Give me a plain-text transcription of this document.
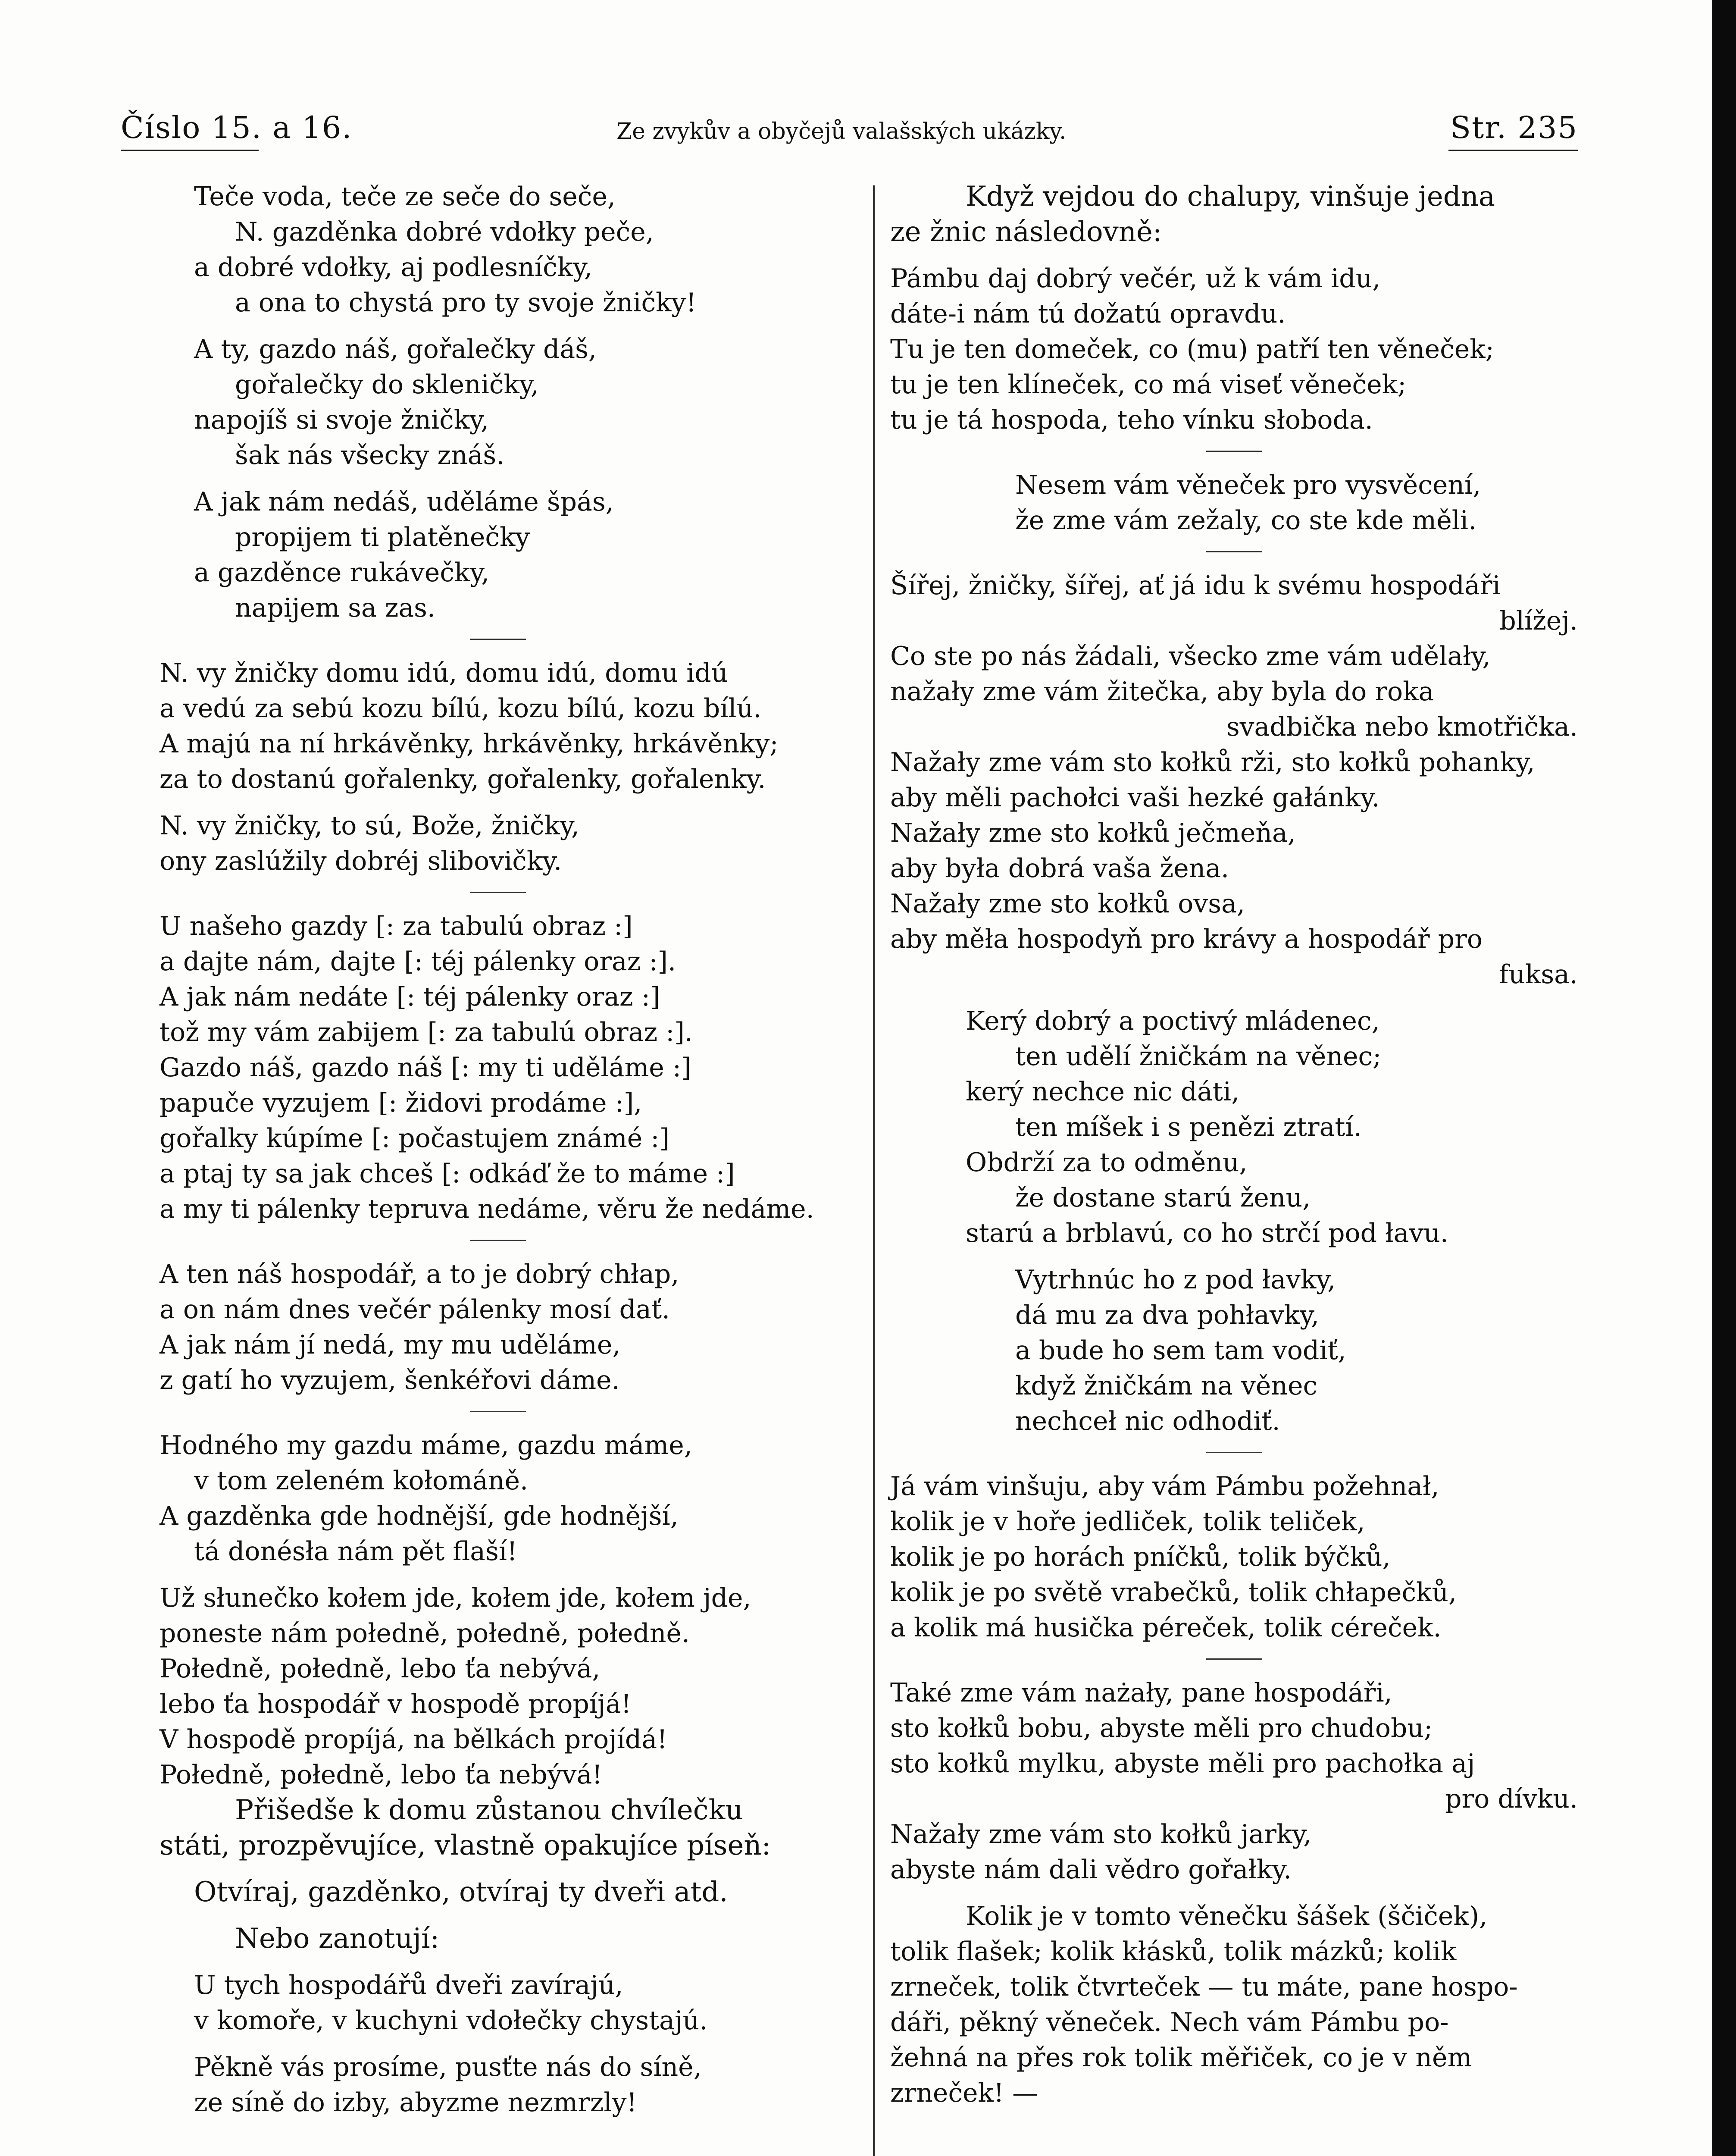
Číslo 15. a 16.	Ze zvykův a obyčejů valašských ukázky.	Str. 235
Teče voda, teče ze seče do seče,
N. gazděnka dobré vdołky peče,
a dobré vdołky, aj podlesníčky,
a ona to chystá pro ty svoje žničky!
A ty, gazdo náš, gořalečky dáš,
gořalečky do skleničky,
napojíš si svoje žničky,
šak nás všecky znáš.
A jak nám nedáš, uděláme špás,
propijem ti platěnečky
a gazděnce rukávečky,
napijem sa zas.
N. vy žničky domu idú, domu idú, domu idú
a vedú za sebú kozu bílú, kozu bílú, kozu bílú.
A majú na ní hrkávěnky, hrkávěnky, hrkávěnky;
za to dostanú gořalenky, gořalenky, gořalenky.
N. vy žničky, to sú, Bože, žničky,
ony zaslúžily dobréj slibovičky.
U našeho gazdy [: za tabulú obraz :]
a dajte nám, dajte [: téj pálenky oraz :].
A jak nám nedáte [: téj pálenky oraz :]
tož my vám zabijem [: za tabulú obraz :].
Gazdo náš, gazdo náš [: my ti uděláme :]
papuče vyzujem [: židovi prodáme :],
gořalky kúpíme [: počastujem známé :]
a ptaj ty sa jak chceš [: odkáď že to máme :]
a my ti pálenky tepruva nedáme, věru že nedáme.
A ten náš hospodář, a to je dobrý chłap,
a on nám dnes večér pálenky mosí dať.
A jak nám jí nedá, my mu uděláme,
z gatí ho vyzujem, šenkéřovi dáme.
Hodného my gazdu máme, gazdu máme,
v tom zeleném kołománě.
A gazděnka gde hodnější, gde hodnější,
tá donésła nám pět flaší!
Už słunečko kołem jde, kołem jde, kołem jde,
poneste nám połedně, połedně, połedně.
Połedně, połedně, lebo ťa nebývá,
lebo ťa hospodář v hospodě propíjá!
V hospodě propíjá, na bělkách projídá!
Połedně, połedně, lebo ťa nebývá!
Přišedše k domu zůstanou chvílečku
státi, prozpěvujíce, vlastně opakujíce píseň:
Otvíraj, gazděnko, otvíraj ty dveři atd.
Nebo zanotují:
U tych hospodářů dveři zavírajú,
v komoře, v kuchyni vdołečky chystajú.
Pěkně vás prosíme, pusťte nás do síně,
ze síně do izby, abyzme nezmrzly!
Když vejdou do chalupy, vinšuje jedna
ze žnic následovně:
Pámbu daj dobrý večér, už k vám idu,
dáte-i nám tú dožatú opravdu.
Tu je ten domeček, co (mu) patří ten věneček;
tu je ten klíneček, co má viseť věneček;
tu je tá hospoda, teho vínku słoboda.
Nesem vám věneček pro vysvěcení,
že zme vám zežaly, co ste kde měli.
Šířej, žničky, šířej, ať já idu k svému hospodáři
blížej.
Co ste po nás žádali, všecko zme vám udělały,
nažały zme vám žitečka, aby byla do roka
svadbička nebo kmotřička.
Nažały zme vám sto kołků rži, sto kołků pohanky,
aby měli pachołci vaši hezké gałánky.
Nažały zme sto kołků ječmeňa,
aby była dobrá vaša žena.
Nažały zme sto kołků ovsa,
aby měła hospodyň pro krávy a hospodář pro
fuksa.
Kerý dobrý a poctivý mládenec,
ten udělí žničkám na věnec;
kerý nechce nic dáti,
ten míšek i s penězi ztratí.
Obdrží za to odměnu,
že dostane starú ženu,
starú a brblavú, co ho strčí pod łavu.
Vytrhnúc ho z pod łavky,
dá mu za dva pohłavky,
a bude ho sem tam vodiť,
když žničkám na věnec
nechceł nic odhodiť.
Já vám vinšuju, aby vám Pámbu požehnał,
kolik je v hoře jedliček, tolik teliček,
kolik je po horách pníčků, tolik býčků,
kolik je po světě vrabečků, tolik chłapečků,
a kolik má husička péreček, tolik céreček.
Také zme vám nażały, pane hospodáři,
sto kołků bobu, abyste měli pro chudobu;
sto kołků mylku, abyste měli pro pachołka aj
pro dívku.
Nažały zme vám sto kołků jarky,
abyste nám dali vědro gořałky.
Kolik je v tomto věnečku šášek (ščiček),
tolik flašek; kolik kłásků, tolik mázků; kolik
zrneček, tolik čtvrteček — tu máte, pane hospo-
dáři, pěkný věneček. Nech vám Pámbu po-
žehná na přes rok tolik měřiček, co je v něm
zrneček! —
